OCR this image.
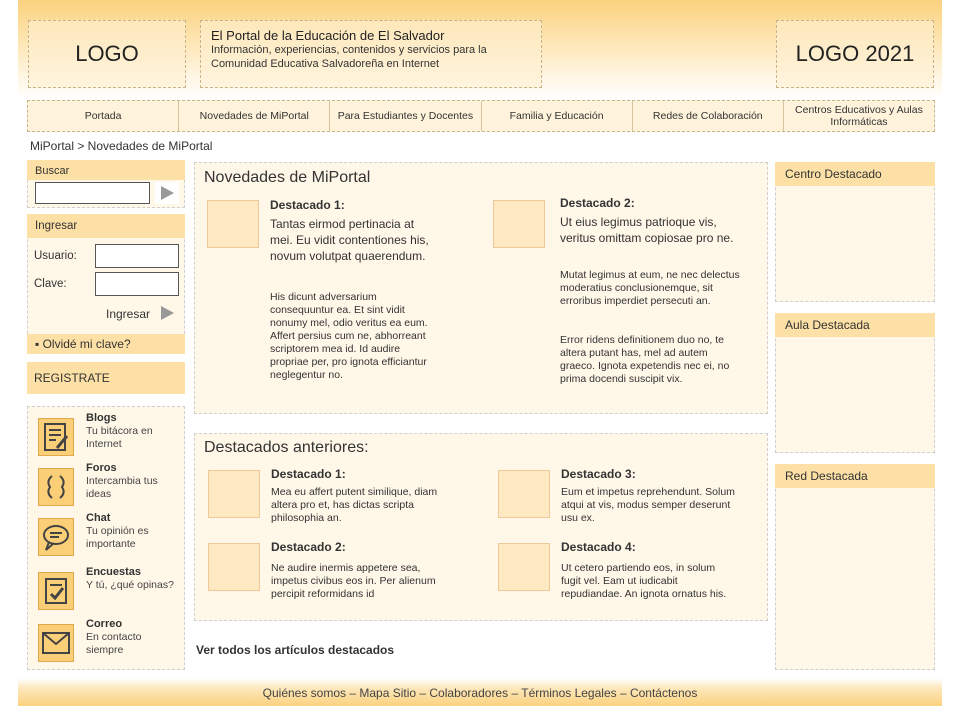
LOGO
El Portal de la Educación de El Salvador
Información, experiencias, contenidos y servicios para la Comunidad Educativa Salvadoreña en Internet	LOGO 2021
Portada	Novedades de MiPortal	Para Estudiantes y Docentes	Familia y Educación	Redes de Colaboración	Centros Educativos y Aulas Informáticas
MiPortal > Novedades de MiPortal
Buscar
Ingresar
Usuario:
Clave:
Ingresar
▪ Olvidé mi clave?
REGISTRATE
Blogs
Tu bitácora en Internet
Foros
Intercambia tus ideas
Chat
Tu opinión es importante
Encuestas
Y tú, ¿qué opinas?
Correo
En contacto siempre
Novedades de MiPortal
Destacado 1:
Tantas eirmod pertinacia at mei. Eu vidit contentiones his, novum volutpat quaerendum.
His dicunt adversarium consequuntur ea. Et sint vidit nonumy mel, odio veritus ea eum. Affert persius cum ne, abhorreant scriptorem mea id. Id audire propriae per, pro ignota efficiantur neglegentur no.
Destacado 2:
Ut eius legimus patrioque vis, veritus omittam copiosae pro ne.
Mutat legimus at eum, ne nec delectus moderatius conclusionemque, sit erroribus imperdiet persecuti an.
Error ridens definitionem duo no, te altera putant has, mel ad autem graeco. Ignota expetendis nec ei, no prima docendi suscipit vix.
Destacados anteriores:
Destacado 1:
Mea eu affert putent similique, diam altera pro et, has dictas scripta philosophia an.
Destacado 3:
Eum et impetus reprehendunt. Solum atqui at vis, modus semper deserunt usu ex.
Destacado 2:
Ne audire inermis appetere sea, impetus civibus eos in. Per alienum percipit reformidans id
Destacado 4:
Ut cetero partiendo eos, in solum fugit vel. Eam ut iudicabit repudiandae. An ignota ornatus his.
Ver todos los artículos destacados
Centro Destacado
Aula Destacada
Red Destacada
Quiénes somos – Mapa Sitio – Colaboradores – Términos Legales – Contáctenos
